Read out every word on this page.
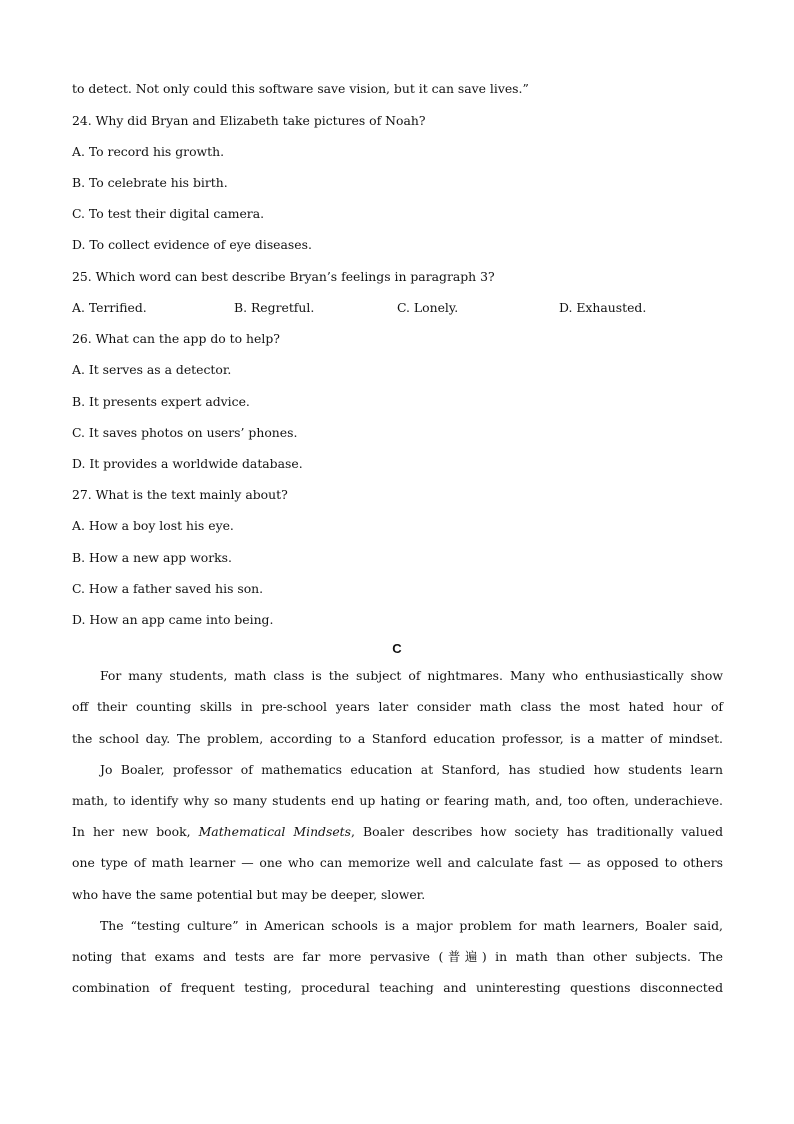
to detect. Not only could this software save vision, but it can save lives.”
24. Why did Bryan and Elizabeth take pictures of Noah?
A. To record his growth.
B. To celebrate his birth.
C. To test their digital camera.
D. To collect evidence of eye diseases.
25. Which word can best describe Bryan’s feelings in paragraph 3?
A. Terrified.	B. Regretful.	C. Lonely.	D. Exhausted.
26. What can the app do to help?
A. It serves as a detector.
B. It presents expert advice.
C. It saves photos on users’ phones.
D. It provides a worldwide database.
27. What is the text mainly about?
A. How a boy lost his eye.
B. How a new app works.
C. How a father saved his son.
D. How an app came into being.
C
For many students, math class is the subject of nightmares. Many who enthusiastically show
off their counting skills in pre-school years later consider math class the most hated hour of
the school day. The problem, according to a Stanford education professor, is a matter of mindset.
Jo Boaler, professor of mathematics education at Stanford, has studied how students learn
math, to identify why so many students end up hating or fearing math, and, too often, underachieve.
In her new book, Mathematical Mindsets, Boaler describes how society has traditionally valued
one type of math learner — one who can memorize well and calculate fast — as opposed to others
who have the same potential but may be deeper, slower.
The “testing culture” in American schools is a major problem for math learners, Boaler said,
noting that exams and tests are far more pervasive (普遍) in math than other subjects. The
combination of frequent testing, procedural teaching and uninteresting questions disconnected
